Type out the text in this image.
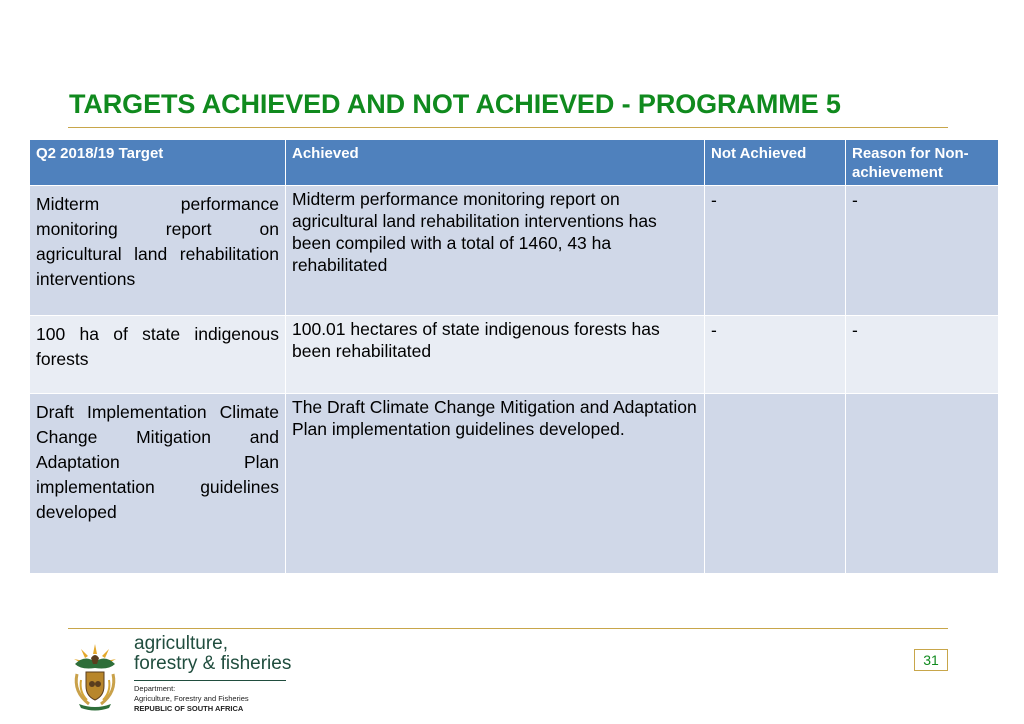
TARGETS ACHIEVED AND NOT ACHIEVED - PROGRAMME 5
Q2 2018/19 Target	Achieved	Not Achieved	Reason for Non-achievement
Midterm performance monitoring report on agricultural land rehabilitation interventions	Midterm performance monitoring report on agricultural land rehabilitation interventions has been compiled with a total of 1460, 43 ha rehabilitated	-	-
100 ha of state indigenous forests	100.01 hectares of state indigenous forests has been rehabilitated	-	-
Draft Implementation Climate Change Mitigation and Adaptation Plan implementation guidelines developed	The Draft Climate Change Mitigation and Adaptation Plan implementation guidelines developed.		
agriculture,
forestry & fisheries
Department:
Agriculture, Forestry and Fisheries
REPUBLIC OF SOUTH AFRICA
31
